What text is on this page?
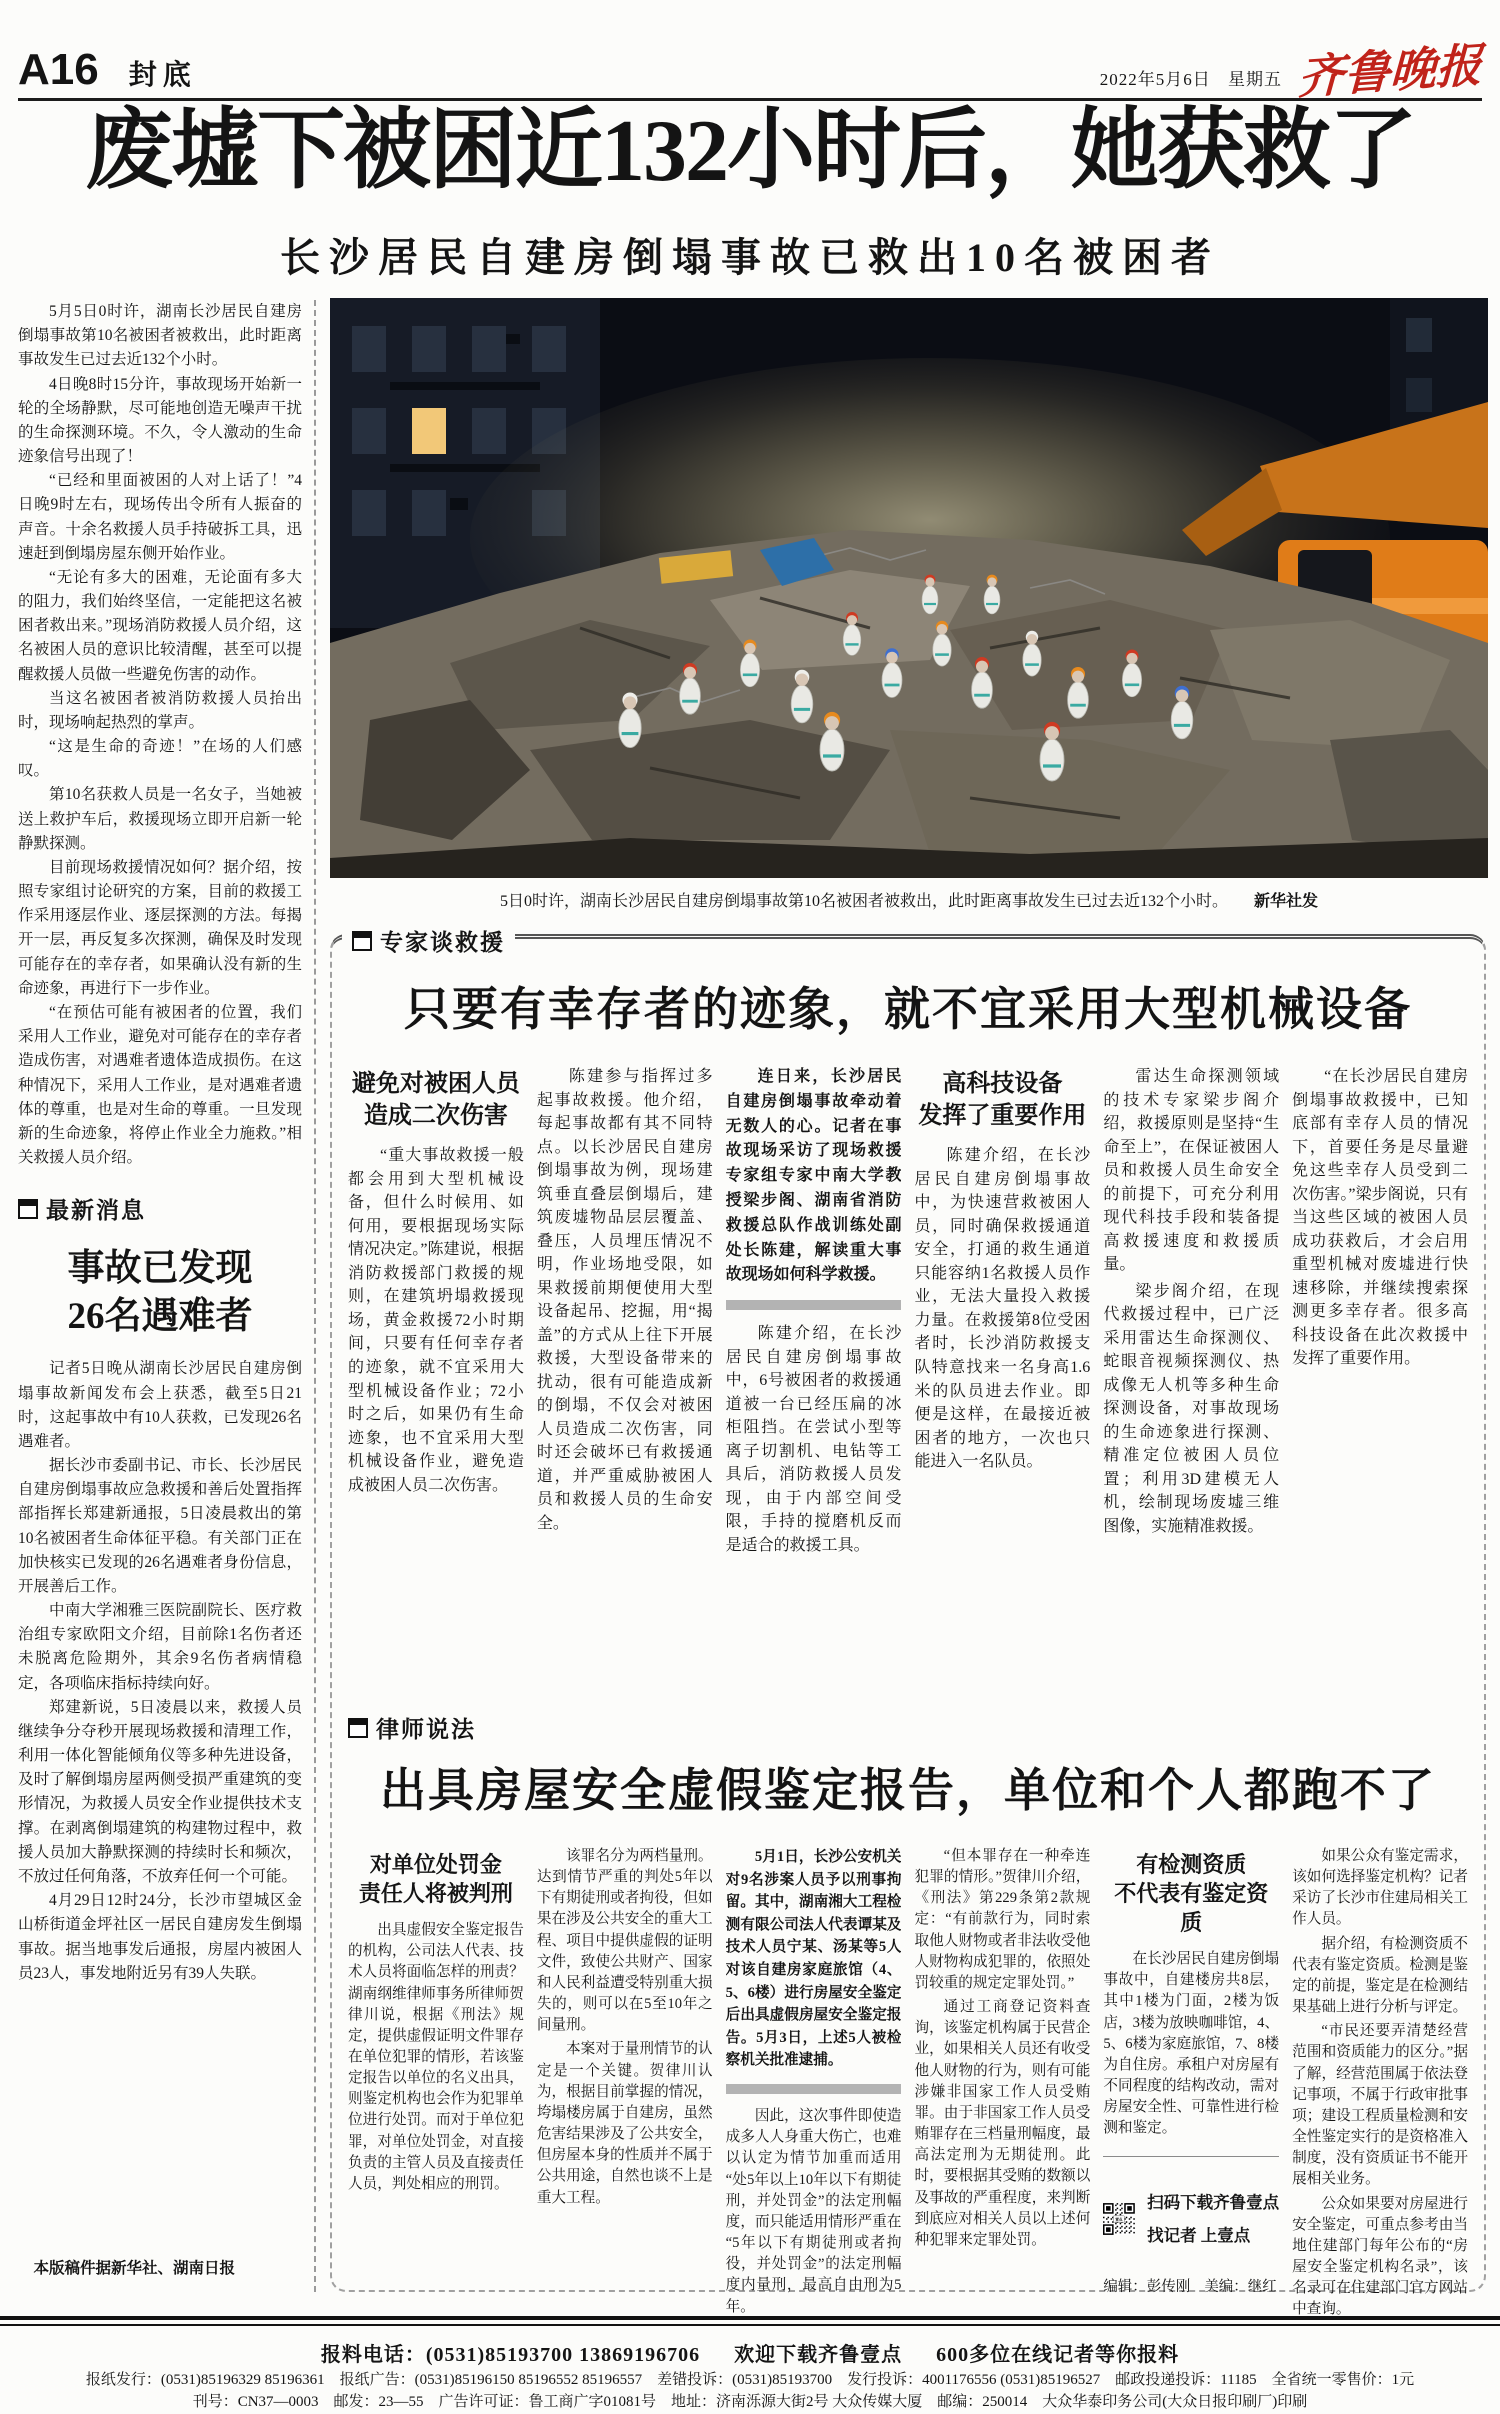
A16 封底	2022年5月6日 星期五 齐鲁晚报
废墟下被困近132小时后，她获救了
长沙居民自建房倒塌事故已救出10名被困者

5月5日0时许，湖南长沙居民自建房倒塌事故第10名被困者被救出，此时距离事故发生已过去近132个小时。

4日晚8时15分许，事故现场开始新一轮的全场静默，尽可能地创造无噪声干扰的生命探测环境。不久，令人激动的生命迹象信号出现了！

“已经和里面被困的人对上话了！”4日晚9时左右，现场传出令所有人振奋的声音。十余名救援人员手持破拆工具，迅速赶到倒塌房屋东侧开始作业。

“无论有多大的困难，无论面有多大的阻力，我们始终坚信，一定能把这名被困者救出来。”现场消防救援人员介绍，这名被困人员的意识比较清醒，甚至可以提醒救援人员做一些避免伤害的动作。

当这名被困者被消防救援人员抬出时，现场响起热烈的掌声。

“这是生命的奇迹！”在场的人们感叹。

第10名获救人员是一名女子，当她被送上救护车后，救援现场立即开启新一轮静默探测。

目前现场救援情况如何？据介绍，按照专家组讨论研究的方案，目前的救援工作采用逐层作业、逐层探测的方法。每揭开一层，再反复多次探测，确保及时发现可能存在的幸存者，如果确认没有新的生命迹象，再进行下一步作业。

“在预估可能有被困者的位置，我们采用人工作业，避免对可能存在的幸存者造成伤害，对遇难者遗体造成损伤。在这种情况下，采用人工作业，是对遇难者遗体的尊重，也是对生命的尊重。一旦发现新的生命迹象，将停止作业全力施救。”相关救援人员介绍。

最新消息
事故已发现
26名遇难者

记者5日晚从湖南长沙居民自建房倒塌事故新闻发布会上获悉，截至5日21时，这起事故中有10人获救，已发现26名遇难者。

据长沙市委副书记、市长、长沙居民自建房倒塌事故应急救援和善后处置指挥部指挥长郑建新通报，5日凌晨救出的第10名被困者生命体征平稳。有关部门正在加快核实已发现的26名遇难者身份信息，开展善后工作。

中南大学湘雅三医院副院长、医疗救治组专家欧阳文介绍，目前除1名伤者还未脱离危险期外，其余9名伤者病情稳定，各项临床指标持续向好。

郑建新说，5日凌晨以来，救援人员继续争分夺秒开展现场救援和清理工作，利用一体化智能倾角仪等多种先进设备，及时了解倒塌房屋两侧受损严重建筑的变形情况，为救援人员安全作业提供技术支撑。在剥离倒塌建筑的构建物过程中，救援人员加大静默探测的持续时长和频次，不放过任何角落，不放弃任何一个可能。

4月29日12时24分，长沙市望城区金山桥街道金坪社区一居民自建房发生倒塌事故。据当地事发后通报，房屋内被困人员23人，事发地附近另有39人失联。

本版稿件据新华社、湖南日报
5日0时许，湖南长沙居民自建房倒塌事故第10名被困者被救出，此时距离事故发生已过去近132个小时。 新华社发
专家谈救援
只要有幸存者的迹象，就不宜采用大型机械设备
避免对被困人员
造成二次伤害

“重大事故救援一般都会用到大型机械设备，但什么时候用、如何用，要根据现场实际情况决定。”陈建说，根据消防救援部门救援的规则，在建筑坍塌救援现场，黄金救援72小时期间，只要有任何幸存者的迹象，就不宜采用大型机械设备作业；72小时之后，如果仍有生命迹象，也不宜采用大型机械设备作业，避免造成被困人员二次伤害。

陈建参与指挥过多起事故救援。他介绍，每起事故都有其不同特点。以长沙居民自建房倒塌事故为例，现场建筑垂直叠层倒塌后，建筑废墟物品层层覆盖、叠压，人员埋压情况不明，作业场地受限，如果救援前期便使用大型设备起吊、挖掘，用“揭盖”的方式从上往下开展救援，大型设备带来的扰动，很有可能造成新的倒塌，不仅会对被困人员造成二次伤害，同时还会破坏已有救援通道，并严重威胁被困人员和救援人员的生命安全。

连日来，长沙居民自建房倒塌事故牵动着无数人的心。记者在事故现场采访了现场救援专家组专家中南大学教授梁步阁、湖南省消防救援总队作战训练处副处长陈建，解读重大事故现场如何科学救援。

陈建介绍，在长沙居民自建房倒塌事故中，6号被困者的救援通道被一台已经压扁的冰柜阻挡。在尝试小型等离子切割机、电钻等工具后，消防救援人员发现，由于内部空间受限，手持的搅磨机反而是适合的救援工具。

高科技设备
发挥了重要作用

陈建介绍，在长沙居民自建房倒塌事故中，为快速营救被困人员，同时确保救援通道安全，打通的救生通道只能容纳1名救援人员作业，无法大量投入救援力量。在救援第8位受困者时，长沙消防救援支队特意找来一名身高1.6米的队员进去作业。即便是这样，在最接近被困者的地方，一次也只能进入一名队员。

雷达生命探测领域的技术专家梁步阁介绍，救援原则是坚持“生命至上”，在保证被困人员和救援人员生命安全的前提下，可充分利用现代科技手段和装备提高救援速度和救援质量。

梁步阁介绍，在现代救援过程中，已广泛采用雷达生命探测仪、蛇眼音视频探测仪、热成像无人机等多种生命探测设备，对事故现场的生命迹象进行探测、精准定位被困人员位置；利用3D建模无人机，绘制现场废墟三维图像，实施精准救援。

“在长沙居民自建房倒塌事故救援中，已知底部有幸存人员的情况下，首要任务是尽量避免这些幸存人员受到二次伤害。”梁步阁说，只有当这些区域的被困人员成功获救后，才会启用重型机械对废墟进行快速移除，并继续搜索探测更多幸存者。很多高科技设备在此次救援中发挥了重要作用。

律师说法
出具房屋安全虚假鉴定报告，单位和个人都跑不了
对单位处罚金
责任人将被判刑

出具虚假安全鉴定报告的机构，公司法人代表、技术人员将面临怎样的刑责？湖南纲维律师事务所律师贺律川说，根据《刑法》规定，提供虚假证明文件罪存在单位犯罪的情形，若该鉴定报告以单位的名义出具，则鉴定机构也会作为犯罪单位进行处罚。而对于单位犯罪，对单位处罚金，对直接负责的主管人员及直接责任人员，判处相应的刑罚。

该罪名分为两档量刑。达到情节严重的判处5年以下有期徒刑或者拘役，但如果在涉及公共安全的重大工程、项目中提供虚假的证明文件，致使公共财产、国家和人民利益遭受特别重大损失的，则可以在5至10年之间量刑。

本案对于量刑情节的认定是一个关键。贺律川认为，根据目前掌握的情况，垮塌楼房属于自建房，虽然危害结果涉及了公共安全，但房屋本身的性质并不属于公共用途，自然也谈不上是重大工程。

5月1日，长沙公安机关对9名涉案人员予以刑事拘留。其中，湖南湘大工程检测有限公司法人代表谭某及技术人员宁某、汤某等5人对该自建房家庭旅馆（4、5、6楼）进行房屋安全鉴定后出具虚假房屋安全鉴定报告。5月3日，上述5人被检察机关批准逮捕。

因此，这次事件即使造成多人人身重大伤亡，也难以认定为情节加重而适用“处5年以上10年以下有期徒刑，并处罚金”的法定刑幅度，而只能适用情形严重在“5年以下有期徒刑或者拘役，并处罚金”的法定刑幅度内量刑，最高自由刑为5年。

“但本罪存在一种牵连犯罪的情形。”贺律川介绍，《刑法》第229条第2款规定：“有前款行为，同时索取他人财物或者非法收受他人财物构成犯罪的，依照处罚较重的规定定罪处罚。”

通过工商登记资料查询，该鉴定机构属于民营企业，如果相关人员还有收受他人财物的行为，则有可能涉嫌非国家工作人员受贿罪。由于非国家工作人员受贿罪存在三档量刑幅度，最高法定刑为无期徒刑。此时，要根据其受贿的数额以及事故的严重程度，来判断到底应对相关人员以上述何种犯罪来定罪处罚。

有检测资质
不代表有鉴定资质

在长沙居民自建房倒塌事故中，自建楼房共8层，其中1楼为门面，2楼为饭店，3楼为放映咖啡馆，4、5、6楼为家庭旅馆，7、8楼为自住房。承租户对房屋有不同程度的结构改动，需对房屋安全性、可靠性进行检测和鉴定。

壹点
扫码下载齐鲁壹点
找记者 上壹点
编辑：彭传刚 美编：继红

如果公众有鉴定需求，该如何选择鉴定机构？记者采访了长沙市住建局相关工作人员。

据介绍，有检测资质不代表有鉴定资质。检测是鉴定的前提，鉴定是在检测结果基础上进行分析与评定。

“市民还要弄清楚经营范围和资质能力的区分。”据了解，经营范围属于依法登记事项，不属于行政审批事项；建设工程质量检测和安全性鉴定实行的是资格准入制度，没有资质证书不能开展相关业务。

公众如果要对房屋进行安全鉴定，可重点参考由当地住建部门每年公布的“房屋安全鉴定机构名录”，该名录可在住建部门官方网站中查询。

报料电话：(0531)85193700 13869196706 欢迎下载齐鲁壹点 600多位在线记者等你报料
报纸发行：(0531)85196329 85196361　报纸广告：(0531)85196150 85196552 85196557　差错投诉：(0531)85193700　发行投诉：4001176556 (0531)85196527　邮政投递投诉：11185　全省统一零售价：1元
刊号：CN37—0003　邮发：23—55　广告许可证：鲁工商广字01081号　地址：济南泺源大街2号 大众传媒大厦　邮编：250014　大众华泰印务公司(大众日报印刷厂)印刷
